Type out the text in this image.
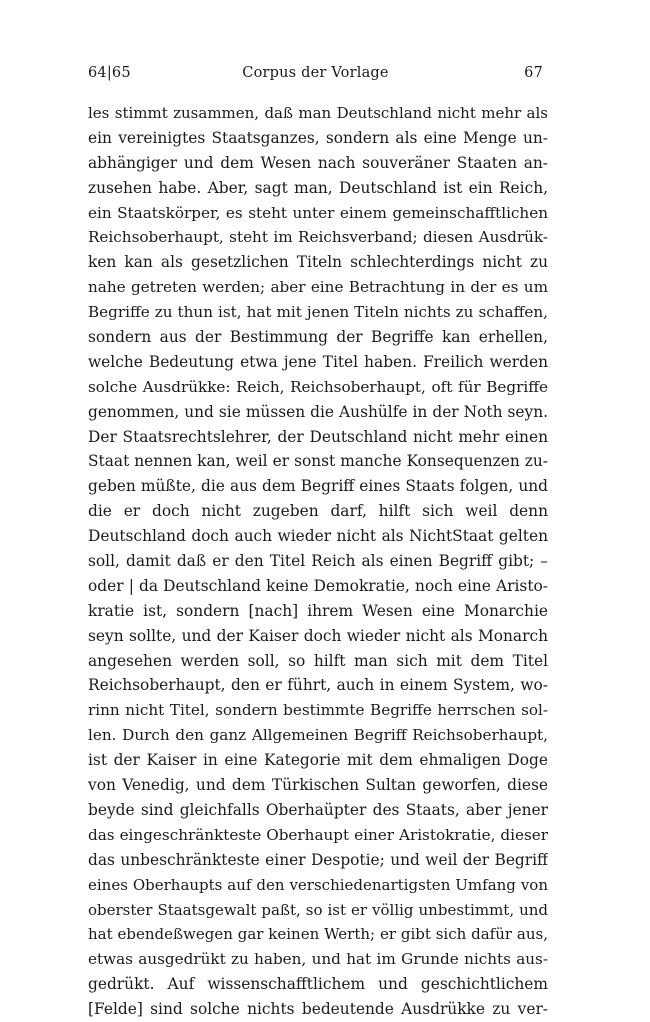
64|65	Corpus der Vorlage	67
les stimmt zusammen, daß man Deutschland nicht mehr als
ein vereinigtes Staatsganzes, sondern als eine Menge un-
abhängiger und dem Wesen nach souveräner Staaten an-
zusehen habe. Aber, sagt man, Deutschland ist ein Reich,
ein Staatskörper, es steht unter einem gemeinschafftlichen
Reichsoberhaupt, steht im Reichsverband; diesen Ausdrük-
ken kan als gesetzlichen Titeln schlechterdings nicht zu
nahe getreten werden; aber eine Betrachtung in der es um
Begriffe zu thun ist, hat mit jenen Titeln nichts zu schaffen,
sondern aus der Bestimmung der Begriffe kan erhellen,
welche Bedeutung etwa jene Titel haben. Freilich werden
solche Ausdrükke: Reich, Reichsoberhaupt, oft für Begriffe
genommen, und sie müssen die Aushülfe in der Noth seyn.
Der Staatsrechtslehrer, der Deutschland nicht mehr einen
Staat nennen kan, weil er sonst manche Konsequenzen zu-
geben müßte, die aus dem Begriff eines Staats folgen, und
die er doch nicht zugeben darf, hilft sich weil denn
Deutschland doch auch wieder nicht als NichtStaat gelten
soll, damit daß er den Titel Reich als einen Begriff gibt; –
oder | da Deutschland keine Demokratie, noch eine Aristo-
kratie ist, sondern [nach] ihrem Wesen eine Monarchie
seyn sollte, und der Kaiser doch wieder nicht als Monarch
angesehen werden soll, so hilft man sich mit dem Titel
Reichsoberhaupt, den er führt, auch in einem System, wo-
rinn nicht Titel, sondern bestimmte Begriffe herrschen sol-
len. Durch den ganz Allgemeinen Begriff Reichsoberhaupt,
ist der Kaiser in eine Kategorie mit dem ehmaligen Doge
von Venedig, und dem Türkischen Sultan geworfen, diese
beyde sind gleichfalls Oberhaüpter des Staats, aber jener
das eingeschränkteste Oberhaupt einer Aristokratie, dieser
das unbeschränkteste einer Despotie; und weil der Begriff
eines Oberhaupts auf den verschiedenartigsten Umfang von
oberster Staatsgewalt paßt, so ist er völlig unbestimmt, und
hat ebendeßwegen gar keinen Werth; er gibt sich dafür aus,
etwas ausgedrükt zu haben, und hat im Grunde nichts aus-
gedrükt. Auf wissenschafftlichem und geschichtlichem
[Felde] sind solche nichts bedeutende Ausdrükke zu ver-
